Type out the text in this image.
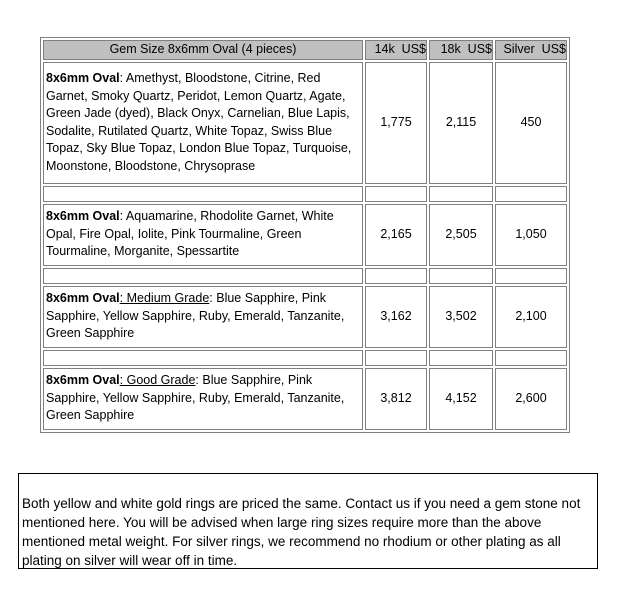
Gem Size 8x6mm Oval (4 pieces)	14k US$	18k US$	Silver US$
8x6mm Oval: Amethyst, Bloodstone, Citrine, Red Garnet, Smoky Quartz, Peridot, Lemon Quartz, Agate, Green Jade (dyed), Black Onyx, Carnelian, Blue Lapis, Sodalite, Rutilated Quartz, White Topaz, Swiss Blue Topaz, Sky Blue Topaz, London Blue Topaz, Turquoise, Moonstone, Bloodstone, Chrysoprase	1,775	2,115	450

8x6mm Oval: Aquamarine, Rhodolite Garnet, White Opal, Fire Opal, Iolite, Pink Tourmaline, Green Tourmaline, Morganite, Spessartite	2,165	2,505	1,050

8x6mm Oval: Medium Grade: Blue Sapphire, Pink Sapphire, Yellow Sapphire, Ruby, Emerald, Tanzanite, Green Sapphire	3,162	3,502	2,100

8x6mm Oval: Good Grade: Blue Sapphire, Pink Sapphire, Yellow Sapphire, Ruby, Emerald, Tanzanite, Green Sapphire	3,812	4,152	2,600
Both yellow and white gold rings are priced the same. Contact us if you need a gem stone not mentioned here. You will be advised when large ring sizes require more than the above mentioned metal weight. For silver rings, we recommend no rhodium or other plating as all plating on silver will wear off in time.
